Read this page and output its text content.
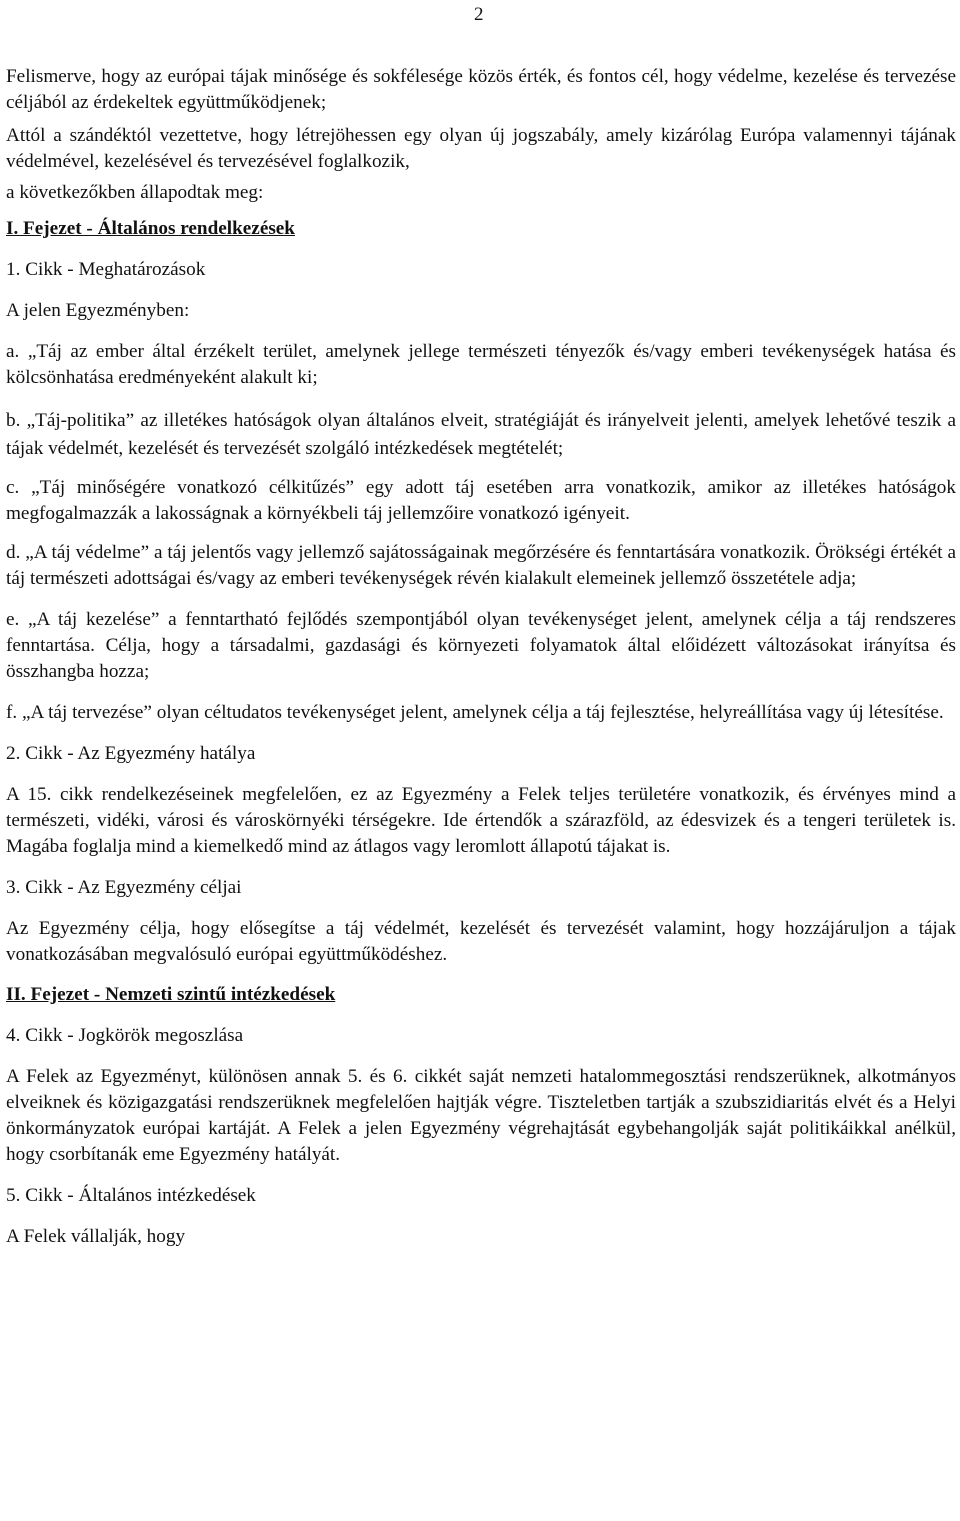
2

Felismerve, hogy az európai tájak minősége és sokfélesége közös érték, és fontos cél, hogy védelme, kezelése és tervezése céljából az érdekeltek együttműködjenek;

Attól a szándéktól vezettetve, hogy létrejöhessen egy olyan új jogszabály, amely kizárólag Európa valamennyi tájának védelmével, kezelésével és tervezésével foglalkozik,

a következőkben állapodtak meg:

I. Fejezet - Általános rendelkezések

1. Cikk - Meghatározások

A jelen Egyezményben:

a. „Táj az ember által érzékelt terület, amelynek jellege természeti tényezők és/vagy emberi tevékenységek hatása és kölcsönhatása eredményeként alakult ki;

b. „Táj-politika” az illetékes hatóságok olyan általános elveit, stratégiáját és irányelveit jelenti, amelyek lehetővé teszik a tájak védelmét, kezelését és tervezését szolgáló intézkedések megtételét;

c. „Táj minőségére vonatkozó célkitűzés” egy adott táj esetében arra vonatkozik, amikor az illetékes hatóságok megfogalmazzák a lakosságnak a környékbeli táj jellemzőire vonatkozó igényeit.

d. „A táj védelme” a táj jelentős vagy jellemző sajátosságainak megőrzésére és fenntartására vonatkozik. Örökségi értékét a táj természeti adottságai és/vagy az emberi tevékenységek révén kialakult elemeinek jellemző összetétele adja;

e. „A táj kezelése” a fenntartható fejlődés szempontjából olyan tevékenységet jelent, amelynek célja a táj rendszeres fenntartása. Célja, hogy a társadalmi, gazdasági és környezeti folyamatok által előidézett változásokat irányítsa és összhangba hozza;

f. „A táj tervezése” olyan céltudatos tevékenységet jelent, amelynek célja a táj fejlesztése, helyreállítása vagy új létesítése.

2. Cikk - Az Egyezmény hatálya

A 15. cikk rendelkezéseinek megfelelően, ez az Egyezmény a Felek teljes területére vonatkozik, és érvényes mind a természeti, vidéki, városi és városkörnyéki térségekre. Ide értendők a szárazföld, az édesvizek és a tengeri területek is. Magába foglalja mind a kiemelkedő mind az átlagos vagy leromlott állapotú tájakat is.

3. Cikk - Az Egyezmény céljai

Az Egyezmény célja, hogy elősegítse a táj védelmét, kezelését és tervezését valamint, hogy hozzájáruljon a tájak vonatkozásában megvalósuló európai együttműködéshez.

II. Fejezet - Nemzeti szintű intézkedések

4. Cikk - Jogkörök megoszlása

A Felek az Egyezményt, különösen annak 5. és 6. cikkét saját nemzeti hatalommegosztási rendszerüknek, alkotmányos elveiknek és közigazgatási rendszerüknek megfelelően hajtják végre. Tiszteletben tartják a szubszidiaritás elvét és a Helyi önkormányzatok európai kartáját. A Felek a jelen Egyezmény végrehajtását egybehangolják saját politikáikkal anélkül, hogy csorbítanák eme Egyezmény hatályát.

5. Cikk - Általános intézkedések

A Felek vállalják, hogy
